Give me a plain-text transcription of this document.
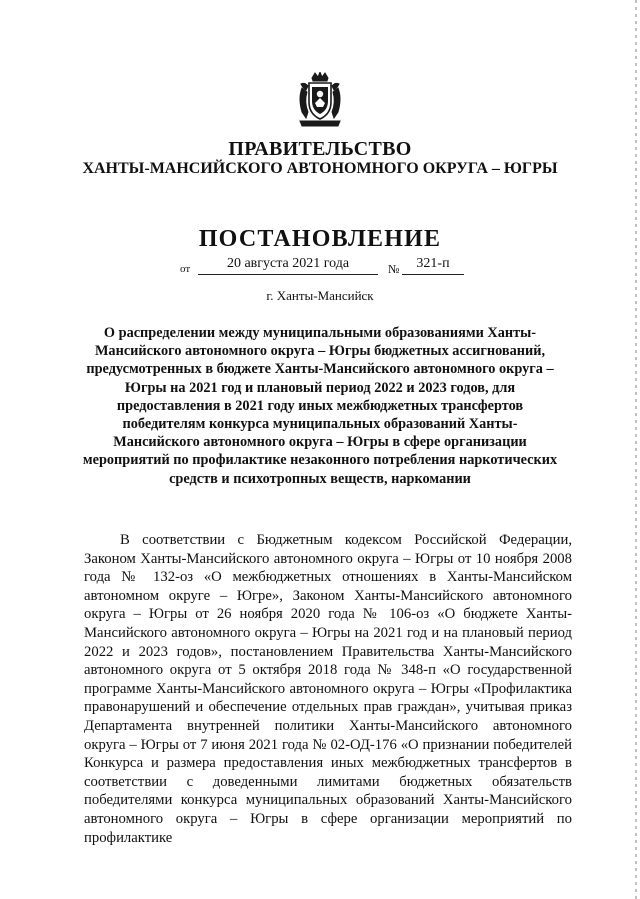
ПРАВИТЕЛЬСТВО
ХАНТЫ-МАНСИЙСКОГО АВТОНОМНОГО ОКРУГА – ЮГРЫ
ПОСТАНОВЛЕНИЕ
от	20 августа 2021 года	№	321-п
г. Ханты-Мансийск

О распределении между муниципальными образованиями Ханты-Мансийского автономного округа – Югры бюджетных ассигнований, предусмотренных в бюджете Ханты-Мансийского автономного округа – Югры на 2021 год и плановый период 2022 и 2023 годов, для предоставления в 2021 году иных межбюджетных трансфертов победителям конкурса муниципальных образований Ханты-Мансийского автономного округа – Югры в сфере организации мероприятий по профилактике незаконного потребления наркотических средств и психотропных веществ, наркомании

В соответствии с Бюджетным кодексом Российской Федерации, Законом Ханты-Мансийского автономного округа – Югры от 10 ноября 2008 года № 132-оз «О межбюджетных отношениях в Ханты-Мансийском автономном округе – Югре», Законом Ханты-Мансийского автономного округа – Югры от 26 ноября 2020 года № 106-оз «О бюджете Ханты-Мансийского автономного округа – Югры на 2021 год и на плановый период 2022 и 2023 годов», постановлением Правительства Ханты-Мансийского автономного округа от 5 октября 2018 года № 348-п «О государственной программе Ханты-Мансийского автономного округа – Югры «Профилактика правонарушений и обеспечение отдельных прав граждан», учитывая приказ Департамента внутренней политики Ханты-Мансийского автономного округа – Югры от 7 июня 2021 года № 02-ОД-176 «О признании победителей Конкурса и размера предоставления иных межбюджетных трансфертов в соответствии с доведенными лимитами бюджетных обязательств победителями конкурса муниципальных образований Ханты-Мансийского автономного округа – Югры в сфере организации мероприятий по профилактике
